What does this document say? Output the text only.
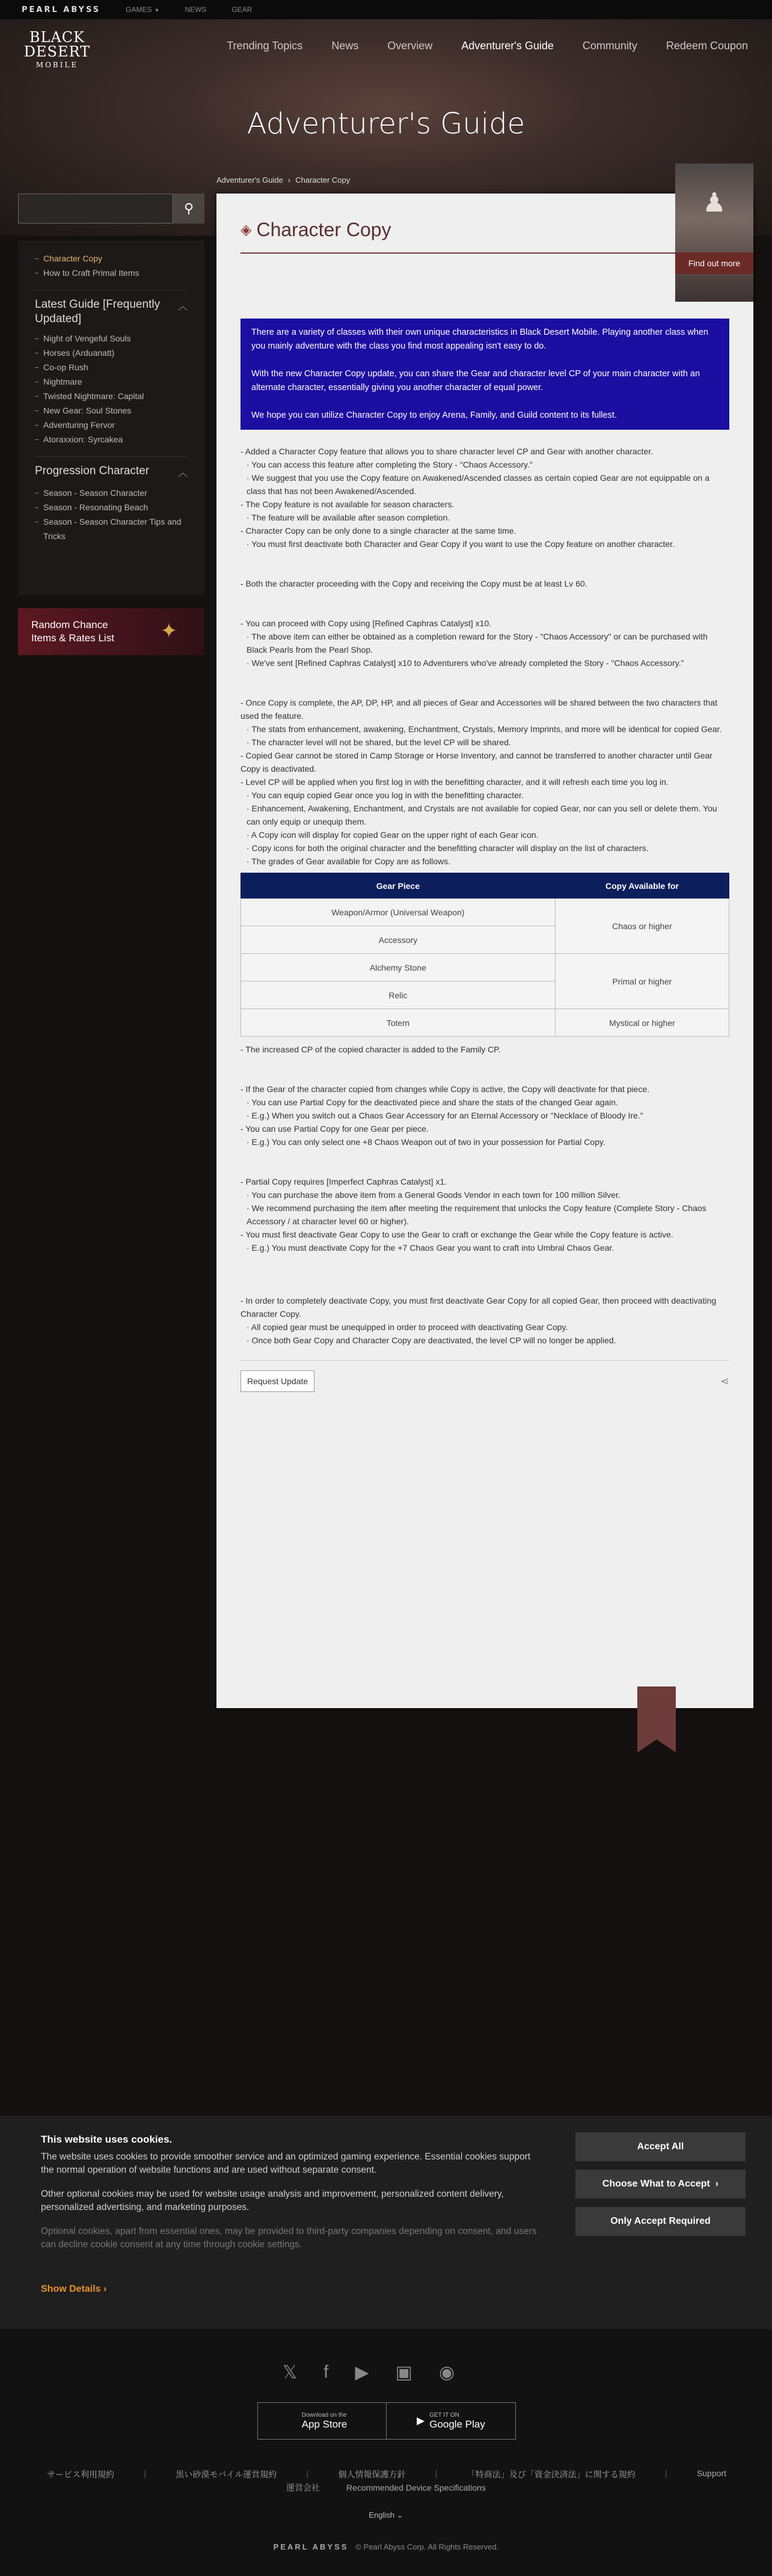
PEARL ABYSS	GAMES ▼	NEWS	GEAR
BLACK DESERT
MOBILE
Trending Topics	News	Overview	Adventurer's Guide	Community	Redeem Coupon
Adventurer's Guide
Adventurer's Guide › Character Copy
⚲
Character Copy
How to Craft Primal Items
Latest Guide [Frequently Updated]
︿
Night of Vengeful Souls
Horses (Arduanatt)
Co-op Rush
Nightmare
Twisted Nightmare: Capital
New Gear: Soul Stones
Adventuring Fervor
Atoraxxion: Syrcakea
Progression Character	︿
Season - Season Character
Season - Resonating Beach
Season - Season Character Tips and Tricks
Random Chance
Items & Rates List	✦
♟
Find out more
◈ Character Copy

There are a variety of classes with their own unique characteristics in Black Desert Mobile. Playing another class when you mainly adventure with the class you find most appealing isn't easy to do.

With the new Character Copy update, you can share the Gear and character level CP of your main character with an alternate character, essentially giving you another character of equal power.

We hope you can utilize Character Copy to enjoy Arena, Family, and Guild content to its fullest.

- Added a Character Copy feature that allows you to share character level CP and Gear with another character.

· You can access this feature after completing the Story - "Chaos Accessory."

· We suggest that you use the Copy feature on Awakened/Ascended classes as certain copied Gear are not equippable on a class that has not been Awakened/Ascended.

- The Copy feature is not available for season characters.

· The feature will be available after season completion.

- Character Copy can be only done to a single character at the same time.

· You must first deactivate both Character and Gear Copy if you want to use the Copy feature on another character.

- Both the character proceeding with the Copy and receiving the Copy must be at least Lv 60.

- You can proceed with Copy using [Refined Caphras Catalyst] x10.

· The above item can either be obtained as a completion reward for the Story - "Chaos Accessory" or can be purchased with Black Pearls from the Pearl Shop.

· We've sent [Refined Caphras Catalyst] x10 to Adventurers who've already completed the Story - "Chaos Accessory."

- Once Copy is complete, the AP, DP, HP, and all pieces of Gear and Accessories will be shared between the two characters that used the feature.

· The stats from enhancement, awakening, Enchantment, Crystals, Memory Imprints, and more will be identical for copied Gear.

· The character level will not be shared, but the level CP will be shared.

- Copied Gear cannot be stored in Camp Storage or Horse Inventory, and cannot be transferred to another character until Gear Copy is deactivated.

- Level CP will be applied when you first log in with the benefitting character, and it will refresh each time you log in.

· You can equip copied Gear once you log in with the benefitting character.

· Enhancement, Awakening, Enchantment, and Crystals are not available for copied Gear, nor can you sell or delete them. You can only equip or unequip them.

· A Copy icon will display for copied Gear on the upper right of each Gear icon.

· Copy icons for both the original character and the benefitting character will display on the list of characters.

· The grades of Gear available for Copy are as follows.

Gear Piece	Copy Available for
Weapon/Armor (Universal Weapon)	Chaos or higher
Accessory	
Alchemy Stone	Primal or higher
Relic	
Totem	Mystical or higher

- The increased CP of the copied character is added to the Family CP.

- If the Gear of the character copied from changes while Copy is active, the Copy will deactivate for that piece.

· You can use Partial Copy for the deactivated piece and share the stats of the changed Gear again.

· E.g.) When you switch out a Chaos Gear Accessory for an Eternal Accessory or "Necklace of Bloody Ire."

- You can use Partial Copy for one Gear per piece.

· E.g.) You can only select one +8 Chaos Weapon out of two in your possession for Partial Copy.

- Partial Copy requires [Imperfect Caphras Catalyst] x1.

· You can purchase the above item from a General Goods Vendor in each town for 100 million Silver.

· We recommend purchasing the item after meeting the requirement that unlocks the Copy feature (Complete Story - Chaos Accessory / at character level 60 or higher).

- You must first deactivate Gear Copy to use the Gear to craft or exchange the Gear while the Copy feature is active.

· E.g.) You must deactivate Copy for the +7 Chaos Gear you want to craft into Umbral Chaos Gear.

- In order to completely deactivate Copy, you must first deactivate Gear Copy for all copied Gear, then proceed with deactivating Character Copy.

· All copied gear must be unequipped in order to proceed with deactivating Gear Copy.

· Once both Gear Copy and Character Copy are deactivated, the level CP will no longer be applied.

Request Update	⋖
This website uses cookies.

The website uses cookies to provide smoother service and an optimized gaming experience. Essential cookies support the normal operation of website functions and are used without separate consent.

Other optional cookies may be used for website usage analysis and improvement, personalized content delivery, personalized advertising, and marketing purposes.

Optional cookies, apart from essential ones, may be provided to third-party companies depending on consent, and users can decline cookie consent at any time through cookie settings.

Show Details ›
Accept All
Choose What to Accept
›
Only Accept Required
𝕏 f ▶ ▣ ◉
Download on the
App Store	▶ GET IT ON
Google Play
サービス利用規約	|	黒い砂漠モバイル運営規約	|	個人情報保護方針	|	「特商法」及び「資金決済法」に関する規約	|	Support
運営会社	Recommended Device Specifications
English ⌄
PEARL ABYSS © Pearl Abyss Corp. All Rights Reserved.
